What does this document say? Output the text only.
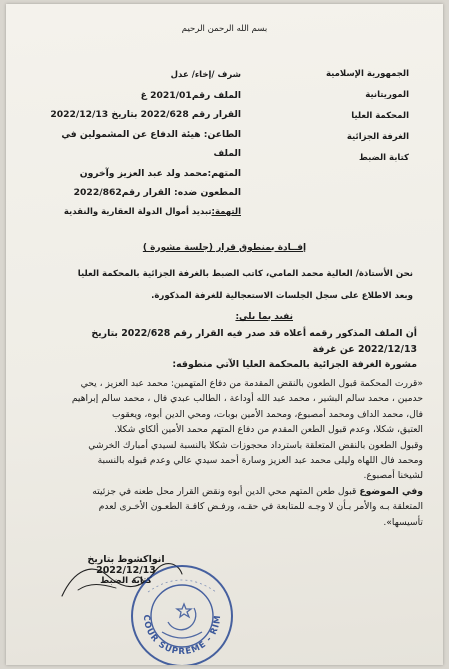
بسم الله الرحمن الرحيم
الجمهورية الإسلامية الموريتانية
المحكمة العليا
الغرفة الجزائية
كتابة الضبط
شرف /إخاء/ عدل
الملف رقم2021/01 غ
القرار رقم 2022/628 بتاريخ 2022/12/13
الطاعن: هيئة الدفاع عن المشمولين في الملف
المتهم:محمد ولد عبد العزيز وآخرون
المطعون ضده: القرار رقم2022/862
التهمة:تبديد أموال الدولة العقارية والنقدية
إفــادة بمنطوق قرار (جلسة مشورة )
نحن الأستاذة/ العالية محمد المامي، كاتب الضبط بالغرفة الجزائية بالمحكمة العليا
وبعد الاطلاع على سجل الجلسات الاستعجالية للغرفة المذكورة.
نفيد بما يلي:
أن الملف المذكور رقمه أعلاه قد صدر فيه القرار رقم 2022/628 بتاريخ 2022/12/13 عن غرفة
مشورة الغرفة الجزائية بالمحكمة العليا الآتي منطوقه:

«قررت المحكمة قبول الطعون بالنقض المقدمة من دفاع المتهمين: محمد عبد العزيز ، يحي

حدمين ، محمد سالم البشير ، محمد عبد الله أوداعة ، الطالب عبدي فال ، محمد سالم إبراهيم

فال، محمد الداف ومحمد أمصبوع، ومحمد الأمين بوبات، ومحي الدين أبوه، ويعقوب

العتيق، شكلا، وعدم قبول الطعن المقدم من دفاع المتهم محمد الأمين ألكاي شكلا.

وقبول الطعون بالنقض المتعلقة باسترداد محجوزات شكلا بالنسبة لسيدي أمبارك الخرشي

ومحمد فال اللهاه وليلى محمد عبد العزيز وسارة أحمد سيدي عالي وعدم قبوله بالنسبة

لشيخنا أمصبوع.

وفي الموضوع قبول طعن المتهم محي الدين أبوه ونقض القرار محل طعنه في جزئيته

المتعلقة بـه والأمر بـأن لا وجـه للمتابعة في حقـه، ورفـض كافـة الطعـون الأخـرى لعدم

تأسيسها».

انواكشوط بتاريخ 2022/12/13
كتابة الضبط
COUR SUPREME - RIM
